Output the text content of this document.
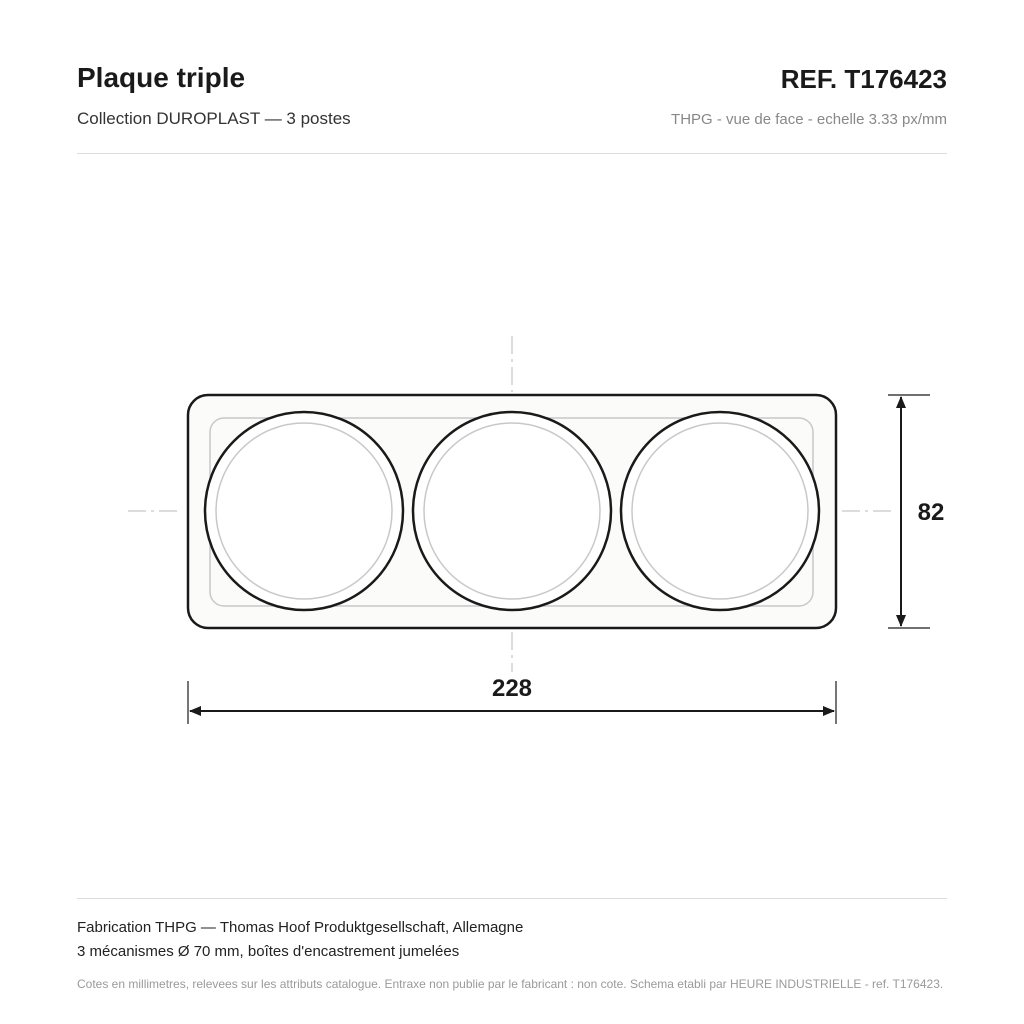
Plaque triple
Collection DUROPLAST — 3 postes
REF. T176423
THPG - vue de face - echelle 3.33 px/mm
82
228
Fabrication THPG — Thomas Hoof Produktgesellschaft, Allemagne
3 mécanismes Ø 70 mm, boîtes d'encastrement jumelées
Cotes en millimetres, relevees sur les attributs catalogue. Entraxe non publie par le fabricant : non cote. Schema etabli par HEURE INDUSTRIELLE - ref. T176423.
